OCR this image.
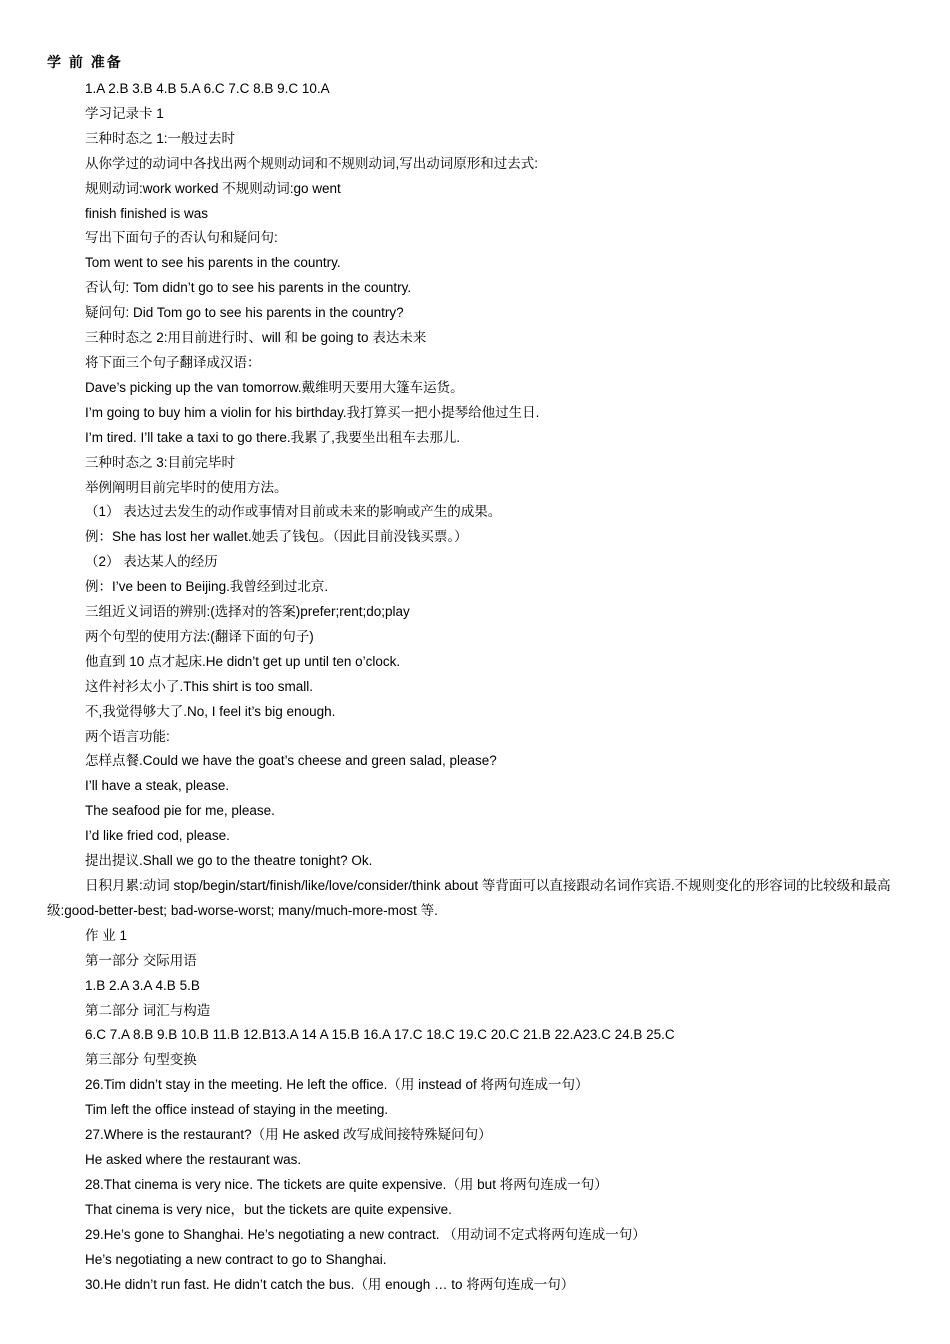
学 前 准备
1.A 2.B 3.B 4.B 5.A 6.C 7.C 8.B 9.C 10.A
学习记录卡 1
三种时态之 1:一般过去时
从你学过的动词中各找出两个规则动词和不规则动词,写出动词原形和过去式:
规则动词:work worked 不规则动词:go went
finish finished is was
写出下面句子的否认句和疑问句:
Tom went to see his parents in the country.
否认句: Tom didn’t go to see his parents in the country.
疑问句: Did Tom go to see his parents in the country?
三种时态之 2:用目前进行时、will 和 be going to 表达未来
将下面三个句子翻译成汉语：
Dave’s picking up the van tomorrow.戴维明天要用大篷车运货。
I’m going to buy him a violin for his birthday.我打算买一把小提琴给他过生日.
I’m tired. I’ll take a taxi to go there.我累了,我要坐出租车去那儿.
三种时态之 3:目前完毕时
举例阐明目前完毕时的使用方法。
（1） 表达过去发生的动作或事情对目前或未来的影响或产生的成果。
例：She has lost her wallet.她丢了钱包。（因此目前没钱买票。）
（2） 表达某人的经历
例：I’ve been to Beijing.我曾经到过北京.
三组近义词语的辨别:(选择对的答案)prefer;rent;do;play
两个句型的使用方法:(翻译下面的句子)
他直到 10 点才起床.He didn’t get up until ten o’clock.
这件衬衫太小了.This shirt is too small.
不,我觉得够大了.No, I feel it’s big enough.
两个语言功能:
怎样点餐.Could we have the goat’s cheese and green salad, please?
I’ll have a steak, please.
The seafood pie for me, please.
I’d like fried cod, please.
提出提议.Shall we go to the theatre tonight? Ok.
日积月累:动词 stop/begin/start/finish/like/love/consider/think about 等背面可以直接跟动名词作宾语.不规则变化的形容词的比较级和最高级:good-better-best; bad-worse-worst; many/much-more-most 等.
作 业 1
第一部分 交际用语
1.B 2.A 3.A 4.B 5.B
第二部分 词汇与构造
6.C 7.A 8.B 9.B 10.B 11.B 12.B13.A 14 A 15.B 16.A 17.C 18.C 19.C 20.C 21.B 22.A23.C 24.B 25.C
第三部分 句型变换
26.Tim didn’t stay in the meeting. He left the office.（用 instead of 将两句连成一句）
Tim left the office instead of staying in the meeting.
27.Where is the restaurant?（用 He asked 改写成间接特殊疑问句）
He asked where the restaurant was.
28.That cinema is very nice. The tickets are quite expensive.（用 but 将两句连成一句）
That cinema is very nice，but the tickets are quite expensive.
29.He’s gone to Shanghai. He’s negotiating a new contract. （用动词不定式将两句连成一句）
He’s negotiating a new contract to go to Shanghai.
30.He didn’t run fast. He didn’t catch the bus.（用 enough … to 将两句连成一句）
